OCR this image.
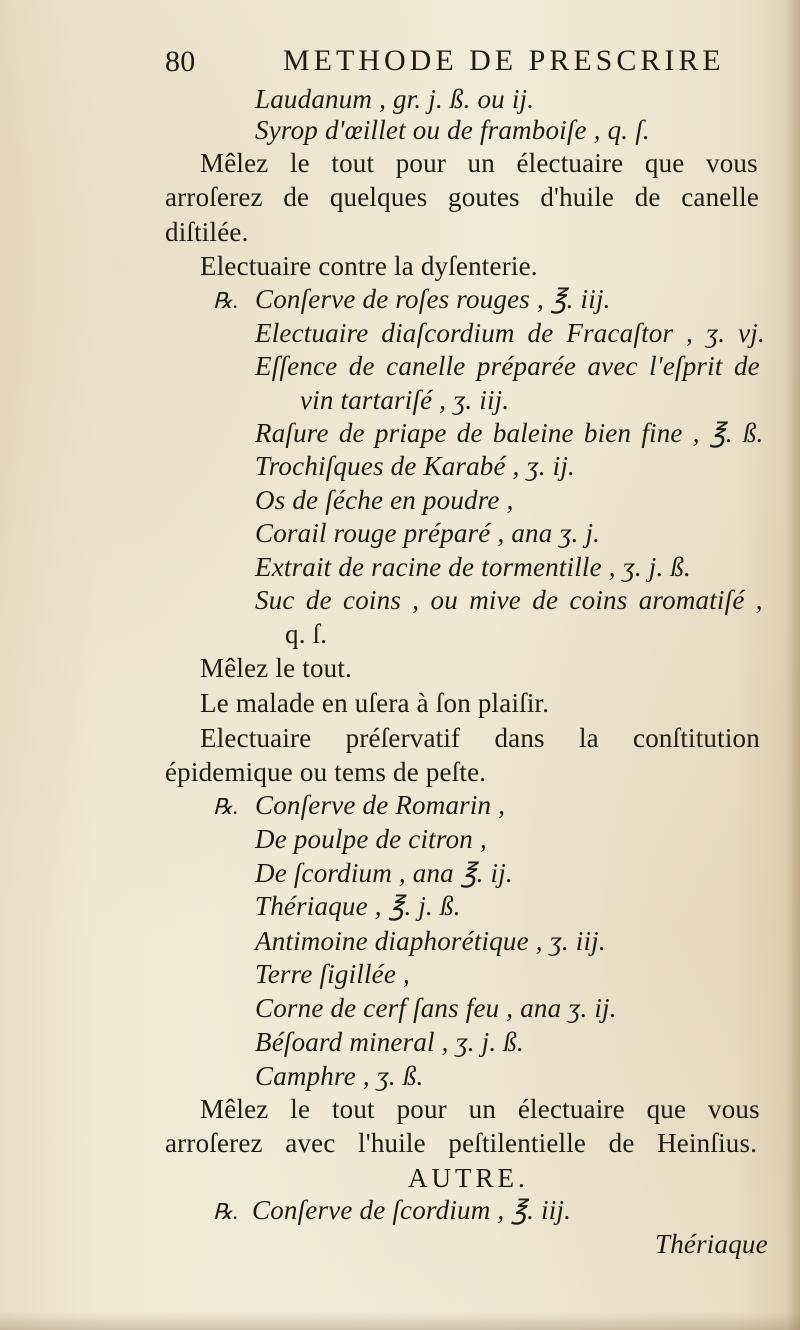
80	METHODE DE PRESCRIRE
Laudanum , gr. j. ß. ou ij.
Syrop d'œillet ou de framboiſe , q. ſ.
Mêlez le tout pour un électuaire que vous
arroſerez de quelques goutes d'huile de canelle
diſtilée.
Electuaire contre la dyſenterie.
Conſerve de roſes rouges , ℥. iij.
Electuaire diaſcordium de Fracaſtor , ʒ. vj.
Eſſence de canelle préparée avec l'eſprit de
vin tartariſé , ʒ. iij.
Raſure de priape de baleine bien fine , ℥. ß.
Trochiſques de Karabé , ʒ. ij.
Os de ſéche en poudre ,
Corail rouge préparé , ana ʒ. j.
Extrait de racine de tormentille , ʒ. j. ß.
Suc de coins , ou mive de coins aromatiſé ,
q. ſ.
Mêlez le tout.
Le malade en uſera à ſon plaiſir.
Electuaire préſervatif dans la conſtitution
épidemique ou tems de peſte.
Conſerve de Romarin ,
De poulpe de citron ,
De ſcordium , ana ℥. ij.
Thériaque , ℥. j. ß.
Antimoine diaphorétique , ʒ. iij.
Terre ſigillée ,
Corne de cerf ſans feu , ana ʒ. ij.
Béſoard mineral , ʒ. j. ß.
Camphre , ʒ. ß.
Mêlez le tout pour un électuaire que vous
arroſerez avec l'huile peſtilentielle de Heinſius.
AUTRE.
Conſerve de ſcordium , ℥. iij.
Thériaque
℞.
℞.
℞.
